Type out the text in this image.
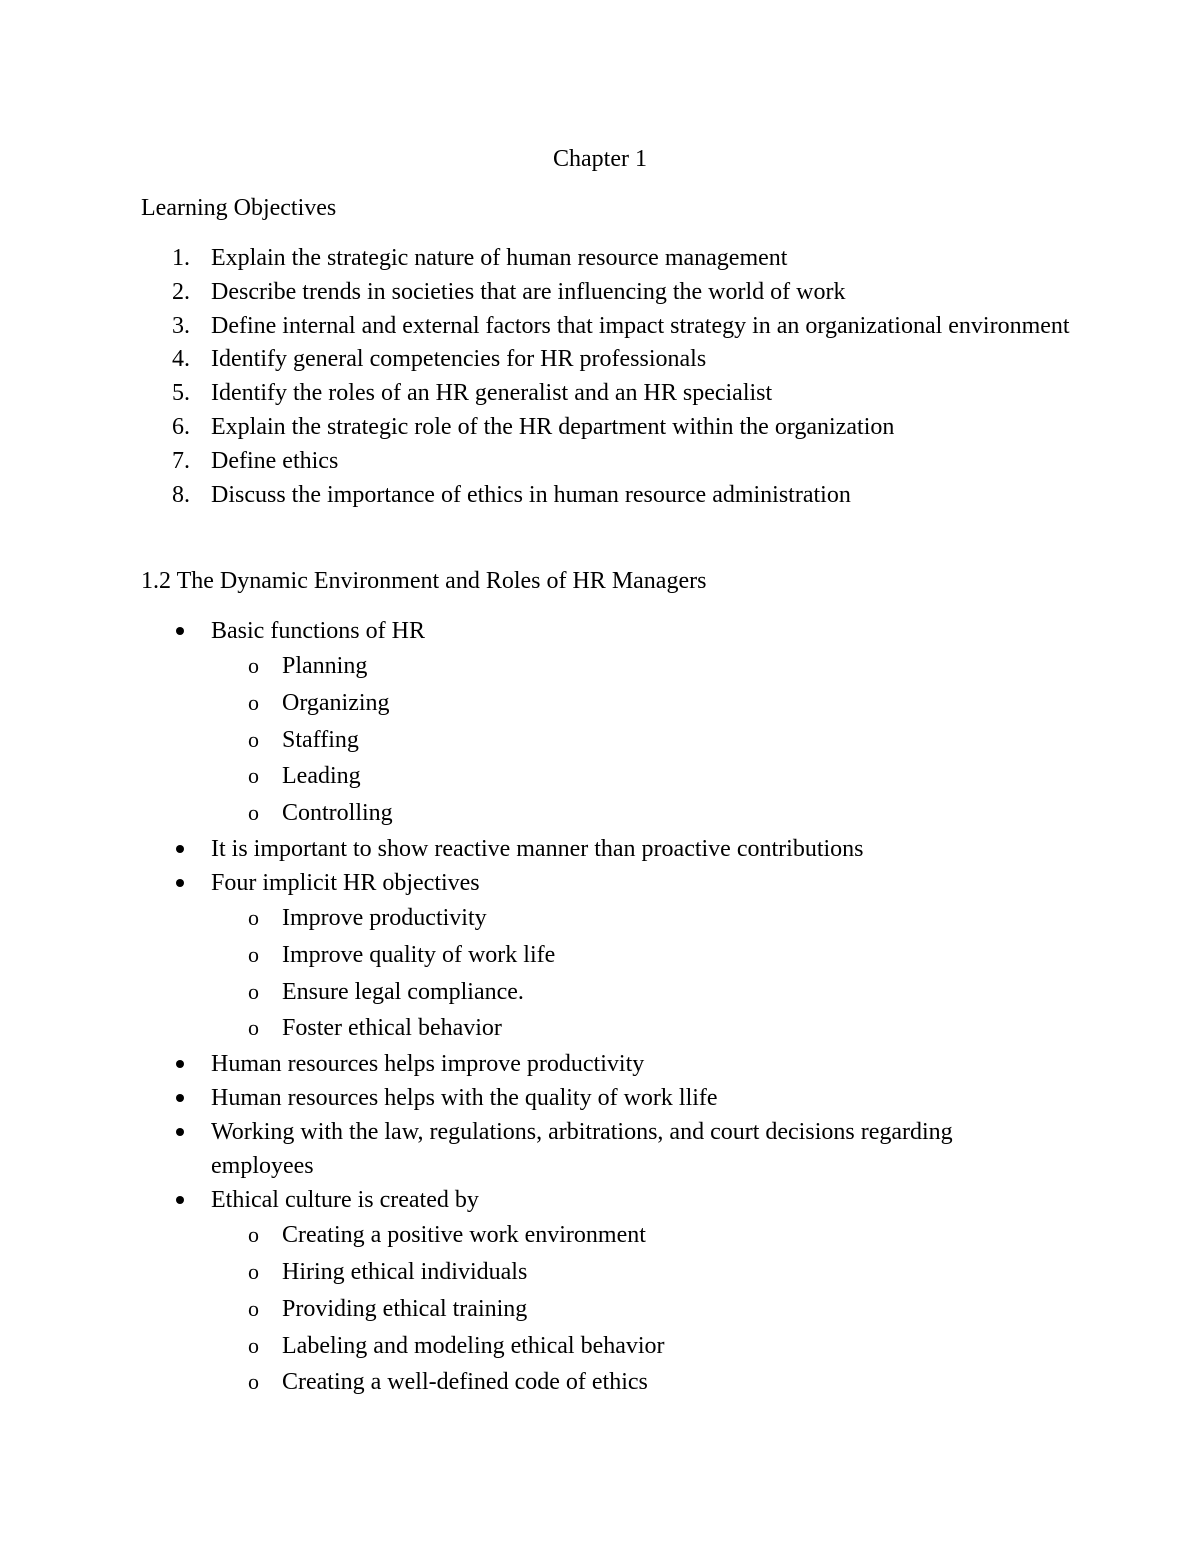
Chapter 1
Learning Objectives
1. Explain the strategic nature of human resource management
2. Describe trends in societies that are influencing the world of work
3. Define internal and external factors that impact strategy in an organizational environment
4. Identify general competencies for HR professionals
5. Identify the roles of an HR generalist and an HR specialist
6. Explain the strategic role of the HR department within the organization
7. Define ethics
8. Discuss the importance of ethics in human resource administration
1.2 The Dynamic Environment and Roles of HR Managers
Basic functions of HR
o Planning
o Organizing
o Staffing
o Leading
o Controlling
It is important to show reactive manner than proactive contributions
Four implicit HR objectives
o Improve productivity
o Improve quality of work life
o Ensure legal compliance.
o Foster ethical behavior
Human resources helps improve productivity
Human resources helps with the quality of work llife
Working with the law, regulations, arbitrations, and court decisions regarding employees
Ethical culture is created by
o Creating a positive work environment
o Hiring ethical individuals
o Providing ethical training
o Labeling and modeling ethical behavior
o Creating a well-defined code of ethics
